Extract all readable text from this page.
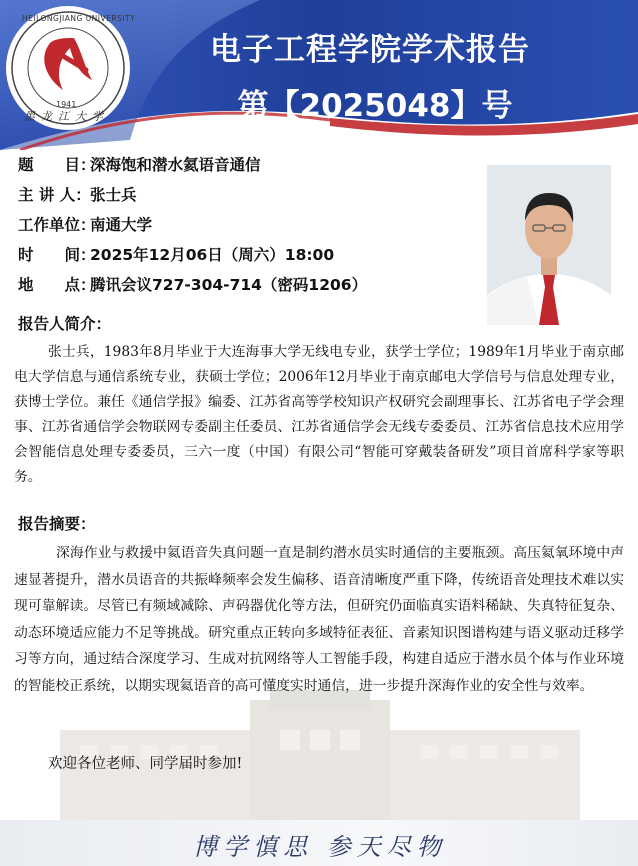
HEILONGJIANG UNIVERSITY
1941
黑龙江大学
电子工程学院学术报告
第【2025048】号
题　　目：深海饱和潜水氦语音通信
主 讲 人：张士兵
工作单位：南通大学
时　　间：2025年12月06日（周六）18:00
地　　点：腾讯会议727-304-714（密码1206）
报告人简介：
张士兵，1983年8月毕业于大连海事大学无线电专业，获学士学位；1989年1月毕业于南京邮电大学信息与通信系统专业，获硕士学位；2006年12月毕业于南京邮电大学信号与信息处理专业，获博士学位。兼任《通信学报》编委、江苏省高等学校知识产权研究会副理事长、江苏省电子学会理事、江苏省通信学会物联网专委副主任委员、江苏省通信学会无线专委委员、江苏省信息技术应用学会智能信息处理专委委员，三六一度（中国）有限公司“智能可穿戴装备研发”项目首席科学家等职务。
报告摘要：
深海作业与救援中氦语音失真问题一直是制约潜水员实时通信的主要瓶颈。高压氦氧环境中声速显著提升，潜水员语音的共振峰频率会发生偏移、语音清晰度严重下降，传统语音处理技术难以实现可靠解读。尽管已有频域减除、声码器优化等方法，但研究仍面临真实语料稀缺、失真特征复杂、动态环境适应能力不足等挑战。研究重点正转向多域特征表征、音素知识图谱构建与语义驱动迁移学习等方向，通过结合深度学习、生成对抗网络等人工智能手段，构建自适应于潜水员个体与作业环境的智能校正系统，以期实现氦语音的高可懂度实时通信，进一步提升深海作业的安全性与效率。
欢迎各位老师、同学届时参加!
博学慎思 参天尽物
